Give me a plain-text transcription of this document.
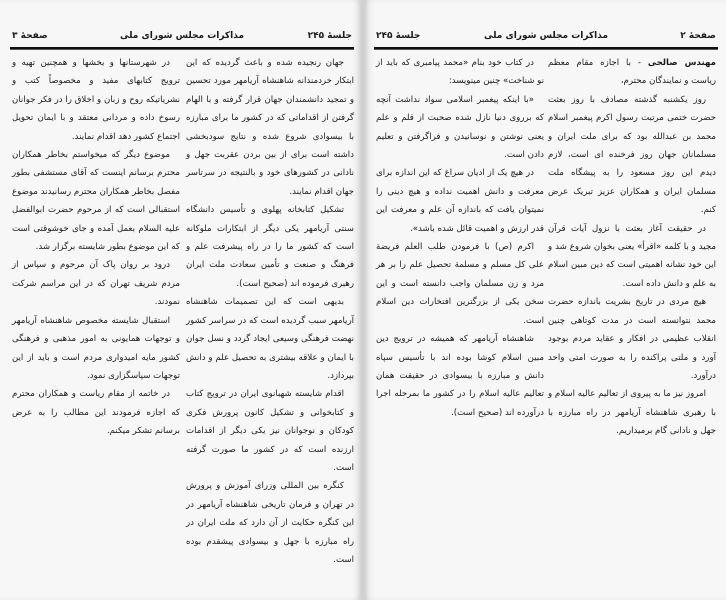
جلسهٔ ۲۴۵
مذاکرات مجلس شورای ملی
صفحهٔ ۳

جهان رنجیده شده و باعث گردیده که این ابتکار خردمندانه شاهنشاه آریامهر مورد تحسین و تمجید دانشمندان جهان قرار گرفته و با الهام گرفتن از اقداماتی که در کشور ما برای مبارزه با بیسوادی شروع شده و نتایج سودبخشی داشته است برای از بین بردن عقربت جهل و نادانی در کشورهای خود و بالنتیجه در سرتاسر جهان اقدام نمایند.

تشکیل کتابخانه پهلوی و تأسیس دانشگاه سنتی آریامهر یکی دیگر از ابتکارات ملوکانه است که کشور ما را در راه پیشرفت علم و فرهنگ و صنعت و تأمین سعادت ملت ایران رهبری فرموده اند (صحیح است).

بدیهی است که این تصمیمات شاهنشاه آریامهر سبب گردیده است که در سراسر کشور نهضت فرهنگی وسیعی ایجاد گردد و نسل جوان با ایمان و علاقه بیشتری به تحصیل علم و دانش بپردازد.

اقدام شایسته شهبانوی ایران در ترویج کتاب و کتابخوانی و تشکیل کانون پرورش فکری کودکان و نوجوانان نیز یکی دیگر از اقدامات ارزنده است که در کشور ما صورت گرفته است.

کنگره بین المللی وزرای آموزش و پرورش در تهران و فرمان تاریخی شاهنشاه آریامهر در این کنگره حکایت از آن دارد که ملت ایران در راه مبارزه با جهل و بیسوادی پیشقدم بوده است.

در شهرستانها و بخشها و همچنین تهیه و ترویج کتابهای مفید و مخصوصاً کتب و نشریاتیکه روح و زبان و اخلاق را در فکر جوانان رسوخ داده و مردانی معتقد و با ایمان تحویل اجتماع کشور دهد اقدام نمایند.

موضوع دیگر که میخواستم بخاطر همکاران محترم برسانم اینست که آقای مستشفی بطور مفصل بخاطر همکاران محترم رسانیدند موضوع استقبالی است که از مرحوم حضرت ابوالفضل علیه السلام بعمل آمده و جای خوشوقتی است که این موضوع بطور شایسته برگزار شد.

درود بر روان پاک آن مرحوم و سپاس از مردم شریف تهران که در این مراسم شرکت نمودند.

استقبال شایسته مخصوص شاهنشاه آریامهر و توجهات همایونی به امور مذهبی و فرهنگی کشور مایه امیدواری مردم است و باید از این توجهات سپاسگزاری نمود.

در خاتمه از مقام ریاست و همکاران محترم که اجازه فرمودند این مطالب را به عرض برسانم تشکر میکنم.

صفحهٔ ۲
مذاکرات مجلس شورای ملی
جلسهٔ ۲۴۵

مهندس صالحی - با اجازه مقام معظم ریاست و نمایندگان محترم،

روز یکشنبه گذشته مصادف با روز بعثت حضرت ختمی مرتبت رسول اکرم پیغمبر اسلام محمد بن عبدالله بود که برای ملت ایران و مسلمانان جهان روز فرخنده ای است، لازم دیدم این روز مسعود را به پیشگاه ملت مسلمان ایران و همکاران عزیز تبریک عرض کنم.

در حقیقت آغاز بعثت با نزول آیات قرآن مجید و با کلمه «اقرأ» یعنی بخوان شروع شد و این خود نشانه اهمیتی است که دین مبین اسلام به علم و دانش داده است.

هیچ مردی در تاریخ بشریت باندازه حضرت محمد نتوانسته است در مدت کوتاهی چنین انقلاب عظیمی در افکار و عقاید مردم بوجود آورد و ملتی پراکنده را به صورت امتی واحد درآورد.

امروز نیز ما به پیروی از تعالیم عالیه اسلام و با رهبری شاهنشاه آریامهر در راه مبارزه با جهل و نادانی گام برمیداریم.

در کتاب خود بنام «محمد پیامبری که باید از نو شناخت» چنین مینویسد:

«با اینکه پیغمبر اسلامی سواد نداشت آنچه که برروی دنیا نازل شده صحبت از قلم و علم یعنی نوشتن و نوسانیدن و فراگرفتن و تعلیم دادن است.

در هیچ یک از ادیان سراغ که این اندازه برای معرفت و دانش اهمیت نداده و هیچ دینی را نمیتوان یافت که باندازه آن علم و معرفت این قدر ارزش و اهمیت قائل شده باشد».

اکرم (ص) با فرمودن طلب العلم فریضة علی کل مسلم و مسلمة تحصیل علم را بر هر مرد و زن مسلمان واجب دانسته است و این سخن یکی از بزرگترین افتخارات دین اسلام است.

شاهنشاه آریامهر که همیشه در ترویج دین مبین اسلام کوشا بوده اند با تأسیس سپاه دانش و مبارزه با بیسوادی در حقیقت همان تعالیم عالیه اسلام را در کشور ما بمرحله اجرا درآورده اند (صحیح است).
